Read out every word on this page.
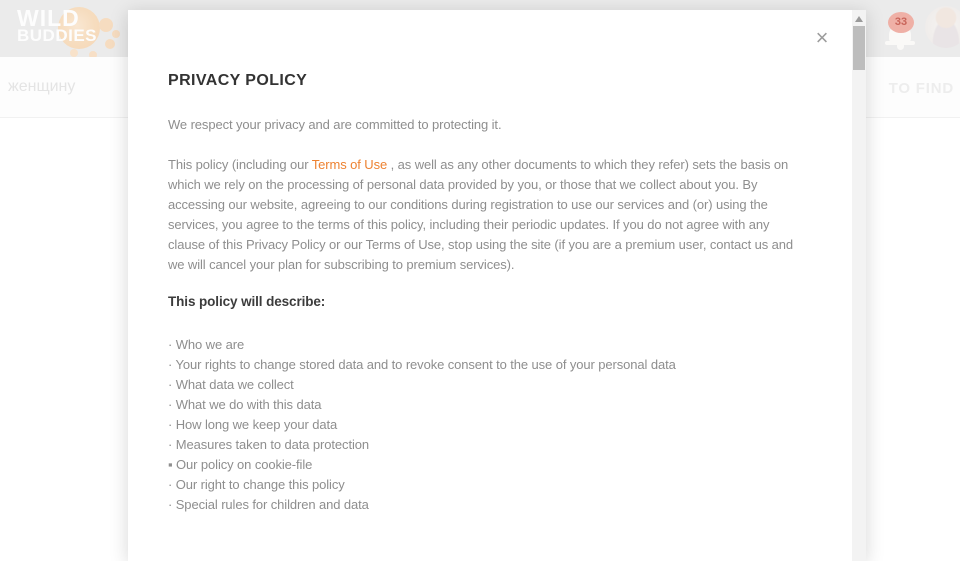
WILD
BUDDIES
33
женщину	TO FIND
×
PRIVACY POLICY

We respect your privacy and are committed to protecting it.

This policy (including our Terms of Use , as well as any other documents to which they refer) sets the basis on which we rely on the processing of personal data provided by you, or those that we collect about you. By accessing our website, agreeing to our conditions during registration to use our services and (or) using the services, you agree to the terms of this policy, including their periodic updates. If you do not agree with any clause of this Privacy Policy or our Terms of Use, stop using the site (if you are a premium user, contact us and we will cancel your plan for subscribing to premium services).

This policy will describe:
· Who we are
· Your rights to change stored data and to revoke consent to the use of your personal data
· What data we collect
· What we do with this data
· How long we keep your data
· Measures taken to data protection
▪ Our policy on cookie-file
· Our right to change this policy
· Special rules for children and data
